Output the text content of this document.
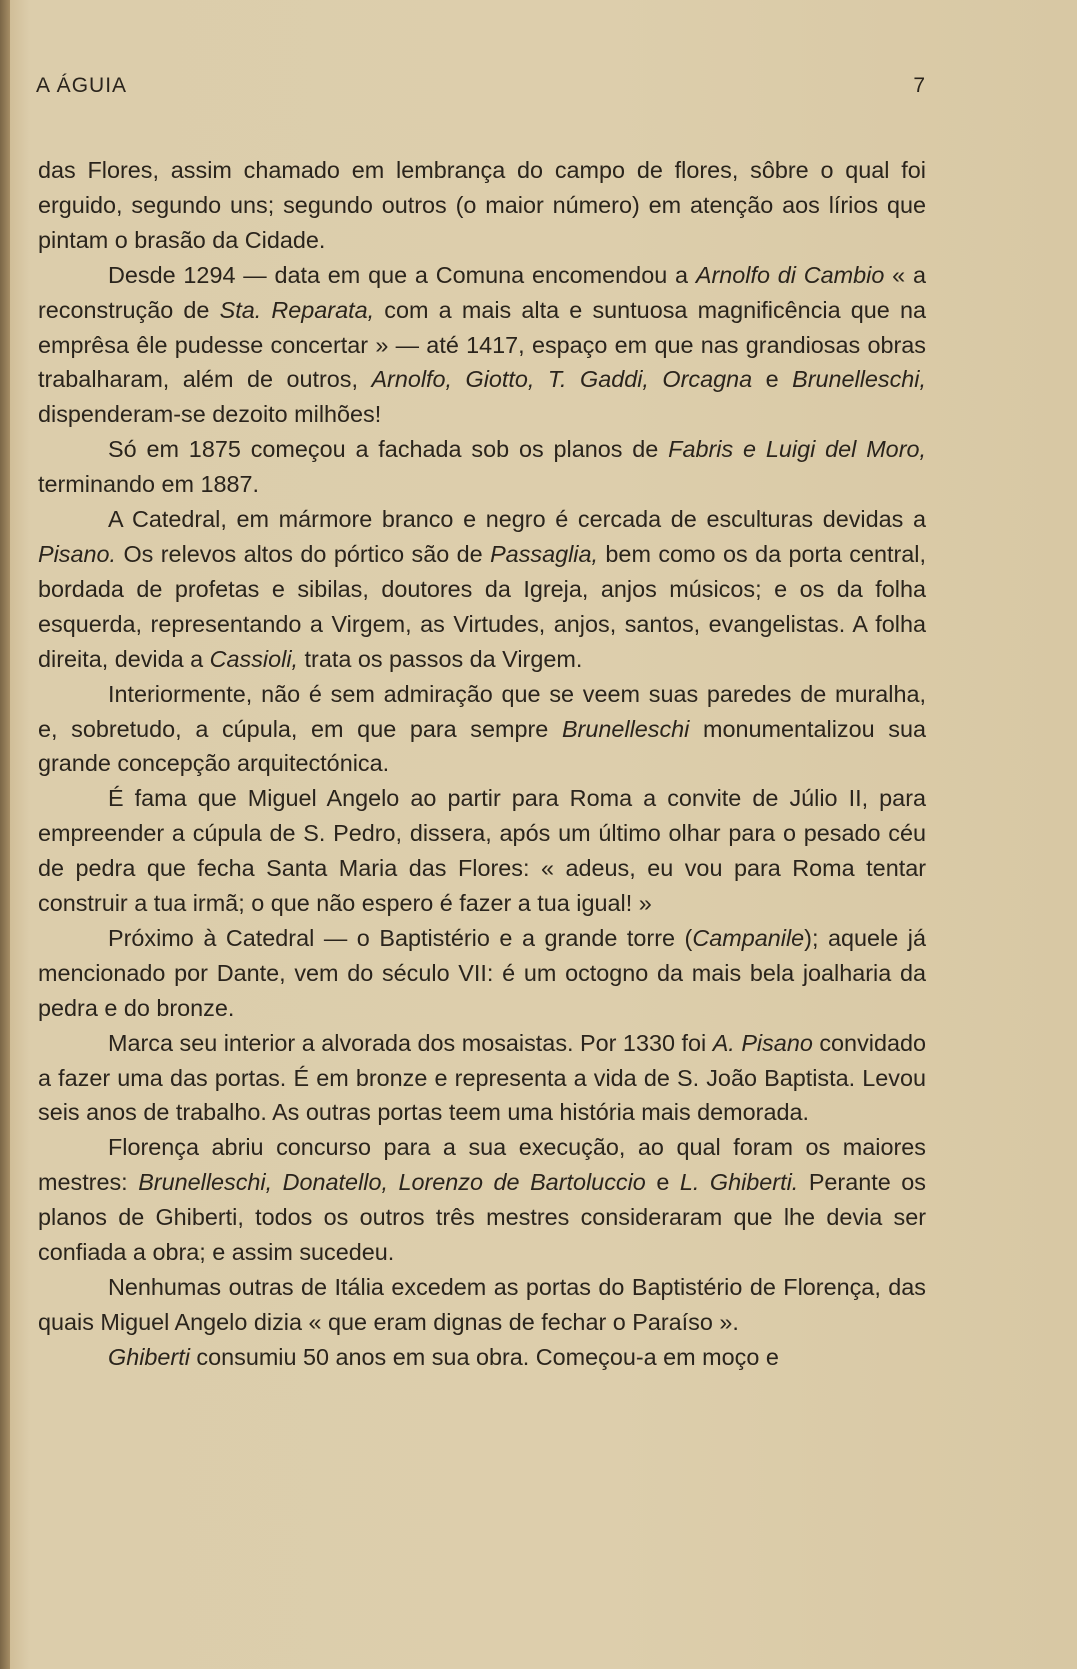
A ÁGUIA	7

das Flores, assim chamado em lembrança do campo de flores, sôbre o qual foi erguido, segundo uns; segundo outros (o maior número) em atenção aos lírios que pintam o brasão da Cidade.

Desde 1294 — data em que a Comuna encomendou a Arnolfo di Cambio « a reconstrução de Sta. Reparata, com a mais alta e suntuosa magnificência que na emprêsa êle pudesse concertar » — até 1417, espaço em que nas grandiosas obras trabalharam, além de outros, Arnolfo, Giotto, T. Gaddi, Orcagna e Brunelleschi, dispenderam-se dezoito milhões!

Só em 1875 começou a fachada sob os planos de Fabris e Luigi del Moro, terminando em 1887.

A Catedral, em mármore branco e negro é cercada de esculturas devidas a Pisano. Os relevos altos do pórtico são de Passaglia, bem como os da porta central, bordada de profetas e sibilas, doutores da Igreja, anjos músicos; e os da folha esquerda, representando a Virgem, as Virtudes, anjos, santos, evangelistas. A folha direita, devida a Cassioli, trata os passos da Virgem.

Interiormente, não é sem admiração que se veem suas paredes de muralha, e, sobretudo, a cúpula, em que para sempre Brunelleschi monumentalizou sua grande concepção arquitectónica.

É fama que Miguel Angelo ao partir para Roma a convite de Júlio II, para empreender a cúpula de S. Pedro, dissera, após um último olhar para o pesado céu de pedra que fecha Santa Maria das Flores: « adeus, eu vou para Roma tentar construir a tua irmã; o que não espero é fazer a tua igual! »

Próximo à Catedral — o Baptistério e a grande torre (Campanile); aquele já mencionado por Dante, vem do século VII: é um octogno da mais bela joalharia da pedra e do bronze.

Marca seu interior a alvorada dos mosaistas. Por 1330 foi A. Pisano convidado a fazer uma das portas. É em bronze e representa a vida de S. João Baptista. Levou seis anos de trabalho. As outras portas teem uma história mais demorada.

Florença abriu concurso para a sua execução, ao qual foram os maiores mestres: Brunelleschi, Donatello, Lorenzo de Bartoluccio e L. Ghiberti. Perante os planos de Ghiberti, todos os outros três mestres consideraram que lhe devia ser confiada a obra; e assim sucedeu.

Nenhumas outras de Itália excedem as portas do Baptistério de Florença, das quais Miguel Angelo dizia « que eram dignas de fechar o Paraíso ».

Ghiberti consumiu 50 anos em sua obra. Começou-a em moço e
